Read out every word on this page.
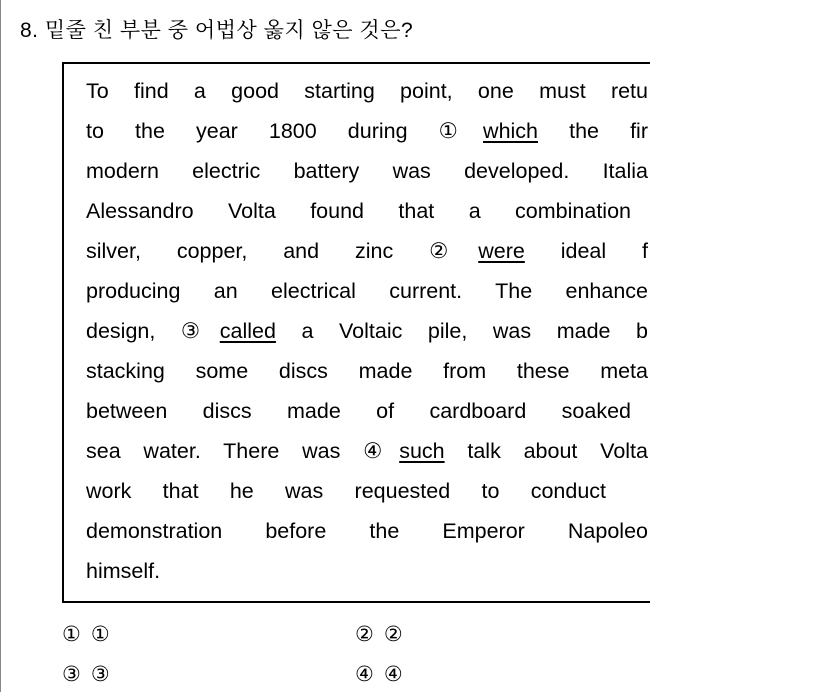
8. 밑줄 친 부분 중 어법상 옳지 않은 것은?
To find a good starting point, one must retu
to the year 1800 during ①which the fir
modern electric battery was developed. Italia
Alessandro Volta found that a combination
silver, copper, and zinc ②were ideal f
producing an electrical current. The enhance
design, ③called a Voltaic pile, was made b
stacking some discs made from these meta
between discs made of cardboard soaked
sea water. There was ④such talk about Volta
work that he was requested to conduct
demonstration before the Emperor Napoleo
himself.
① ①	② ②
③ ③	④ ④
